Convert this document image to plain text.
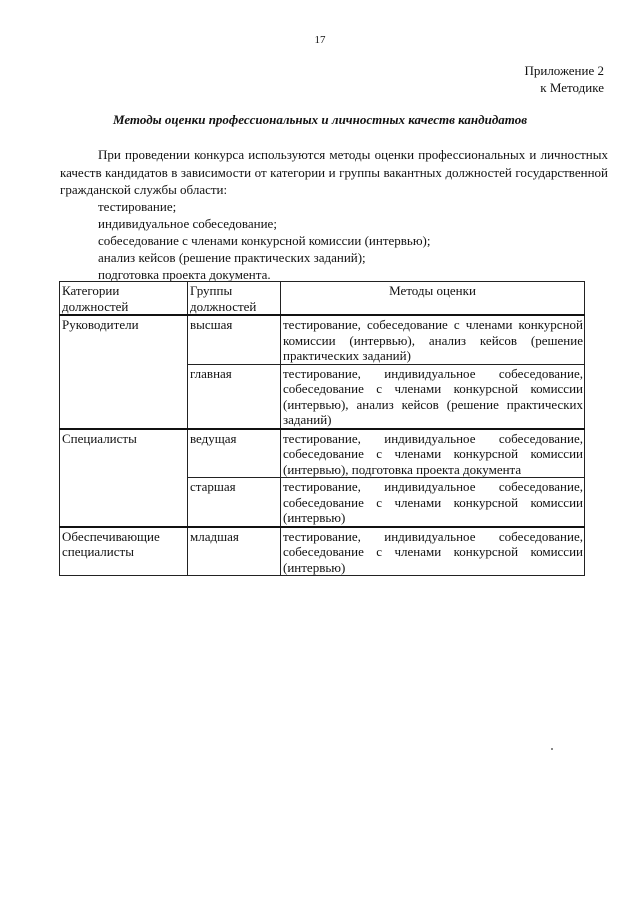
17
Приложение 2
к Методике
Методы оценки профессиональных и личностных качеств кандидатов

При проведении конкурса используются методы оценки профессиональных и личностных качеств кандидатов в зависимости от категории и группы вакантных должностей государственной гражданской службы области:

тестирование;
индивидуальное собеседование;
собеседование с членами конкурсной комиссии (интервью);
анализ кейсов (решение практических заданий);
подготовка проекта документа.
Категории должностей	Группы должностей	Методы оценки
Руководители	высшая	тестирование, собеседование с членами конкурсной комиссии (интервью), анализ кейсов (решение практических заданий)
	главная	тестирование, индивидуальное собеседование, собеседование с членами конкурсной комиссии (интервью), анализ кейсов (решение практических заданий)
Специалисты	ведущая	тестирование, индивидуальное собеседование, собеседование с членами конкурсной комиссии (интервью), подготовка проекта документа
	старшая	тестирование, индивидуальное собеседование, собеседование с членами конкурсной комиссии (интервью)
Обеспечивающие специалисты	младшая	тестирование, индивидуальное собеседование, собеседование с членами конкурсной комиссии (интервью)
